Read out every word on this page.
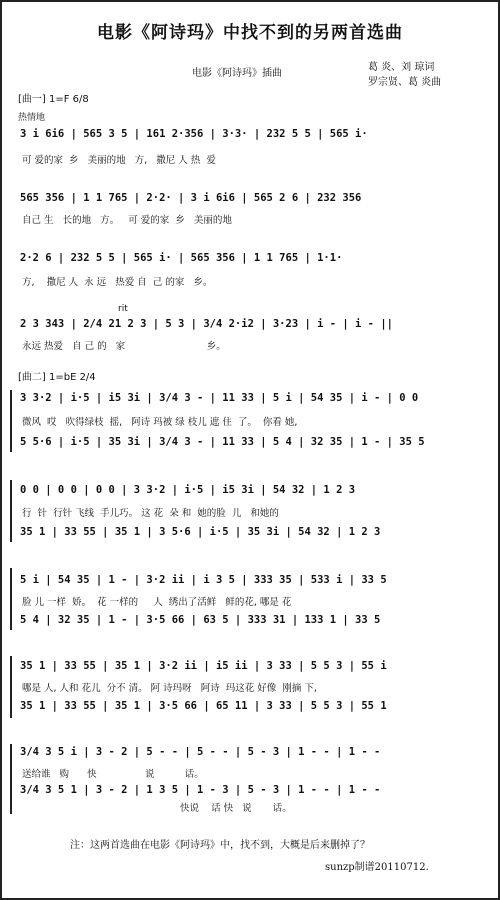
电影《阿诗玛》中找不到的另两首选曲
电影《阿诗玛》插曲
葛 炎、刘 琼词
罗宗贤、葛 炎曲
[曲一] 1=F 6/8
热情地
3 i 6i6 | 565 3 5 | 161 2·356 | 3·3· | 232 5 5 | 565 i·
可 爱的家  乡   美丽的地   方,   撒尼 人 热  爱
565 356 | 1 1 765 | 2·2· | 3 i 6i6 | 565 2 6 | 232 356
自己 生   长的地   方。   可 爱的家  乡   美丽的地
2·2 6 | 232 5 5 | 565 i· | 565 356 | 1 1 765 | 1·1·
方,    撒尼 人  永 远   热爱 自  己 的家   乡。
rit
2 3 343 | 2/4 21 2 3 | 5 3 | 3/4 2·i2 | 3·23 | i - | i - ||
永远 热爱   自 己 的   家                           乡。
[曲二] 1=bE 2/4
3 3·2 | i·5 | i5 3i | 3/4 3 - | 11 33 | 5 i | 54 35 | i - | 0 0
微风  哎   吹得绿枝  摇,   阿诗 玛被 绿 枝儿 遮 住  了。  你看 她,
5 5·6 | i·5 | 35 3i | 3/4 3 - | 11 33 | 5 4 | 32 35 | 1 - | 35 5
0 0 | 0 0 | 0 0 | 3 3·2 | i·5 | i5 3i | 54 32 | 1 2 3
行  针  行针 飞线  手儿巧。 这 花  朵 和  她的脸  儿   和她的
35 1 | 33 55 | 35 1 | 3 5·6 | i·5 | 35 3i | 54 32 | 1 2 3
5 i | 54 35 | 1 - | 3·2 ii | i 3 5 | 333 35 | 533 i | 33 5
脸 儿 一样  娇。  花 一样的     人  绣出了活鲜   鲜的花, 哪是 花
5 4 | 32 35 | 1 - | 3·5 66 | 63 5 | 333 31 | 133 1 | 33 5
35 1 | 33 55 | 35 1 | 3·2 ii | i5 ii | 3 33 | 5 5 3 | 55 i
哪是 人, 人和 花儿  分不 清。 阿 诗玛呀   阿诗  玛这花 好像  刚摘 下,
35 1 | 33 55 | 35 1 | 3·5 66 | 65 11 | 3 33 | 5 5 3 | 55 1
3/4 3 5 i | 3 - 2 | 5 - - | 5 - - | 5 - 3 | 1 - - | 1 - -
送给谁   购      快                说          话。
3/4 3 5 1 | 3 - 2 | 1 3 5 | 1 - 3 | 5 - 3 | 1 - - | 1 - -
快说    话 快   说       话。
注：这两首选曲在电影《阿诗玛》中，找不到，大概是后来删掉了？
sunzp制谱20110712.
